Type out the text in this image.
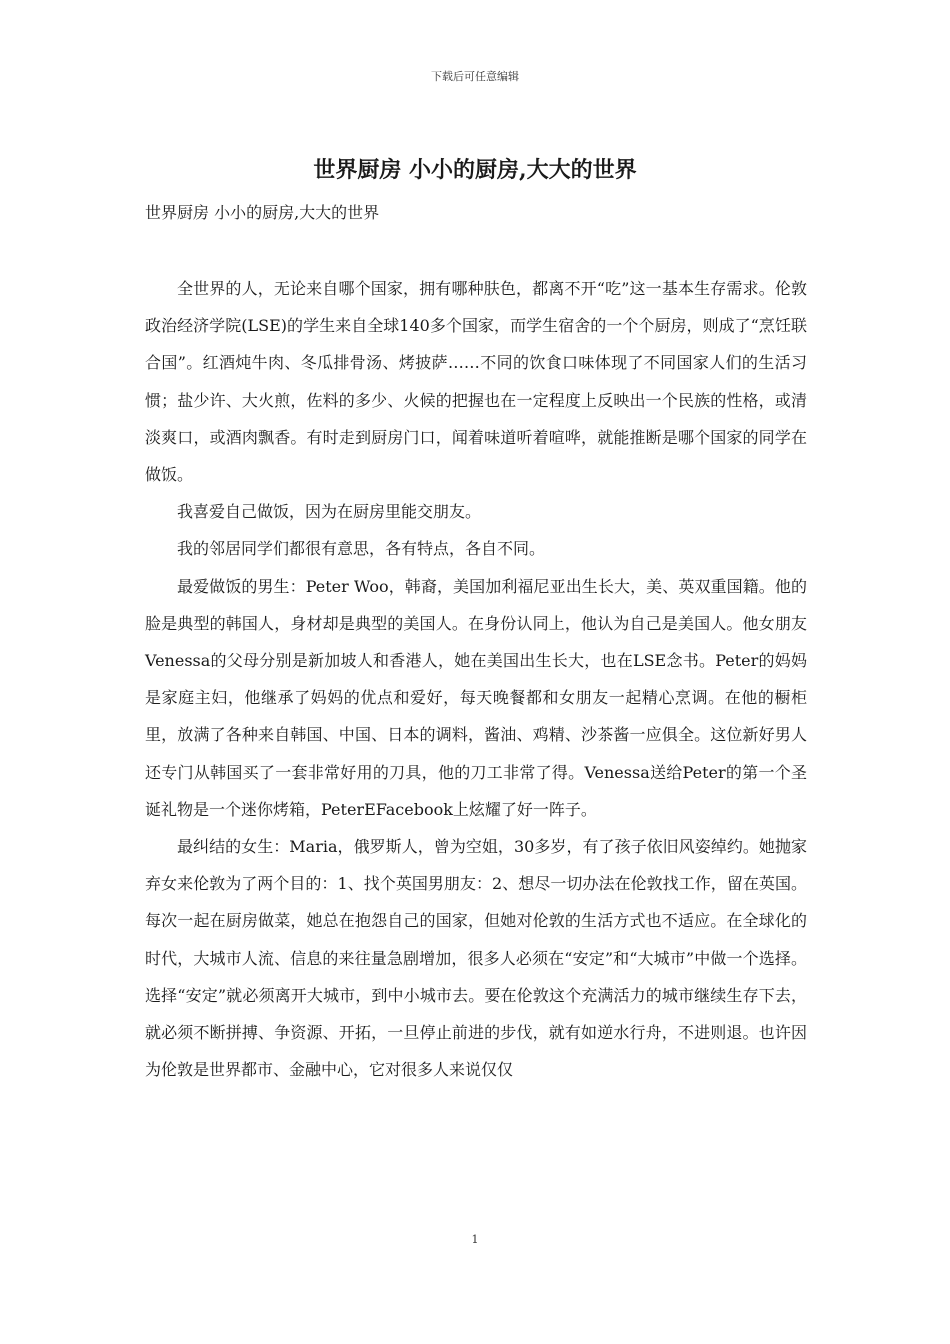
下载后可任意编辑
世界厨房 小小的厨房,大大的世界

世界厨房 小小的厨房,大大的世界

全世界的人，无论来自哪个国家，拥有哪种肤色，都离不开“吃”这一基本生存需求。伦敦政治经济学院(LSE)的学生来自全球140多个国家，而学生宿舍的一个个厨房，则成了“烹饪联合国”。红酒炖牛肉、冬瓜排骨汤、烤披萨……不同的饮食口味体现了不同国家人们的生活习惯；盐少许、大火煎，佐料的多少、火候的把握也在一定程度上反映出一个民族的性格，或清淡爽口，或酒肉飘香。有时走到厨房门口，闻着味道听着喧哗，就能推断是哪个国家的同学在做饭。

我喜爱自己做饭，因为在厨房里能交朋友。

我的邻居同学们都很有意思，各有特点，各自不同。

最爱做饭的男生：Peter Woo，韩裔，美国加利福尼亚出生长大，美、英双重国籍。他的脸是典型的韩国人，身材却是典型的美国人。在身份认同上，他认为自己是美国人。他女朋友Venessa的父母分别是新加坡人和香港人，她在美国出生长大，也在LSE念书。Peter的妈妈是家庭主妇，他继承了妈妈的优点和爱好，每天晚餐都和女朋友一起精心烹调。在他的橱柜里，放满了各种来自韩国、中国、日本的调料，酱油、鸡精、沙茶酱一应俱全。这位新好男人还专门从韩国买了一套非常好用的刀具，他的刀工非常了得。Venessa送给Peter的第一个圣诞礼物是一个迷你烤箱，PeterEFacebook上炫耀了好一阵子。

最纠结的女生：Maria，俄罗斯人，曾为空姐，30多岁，有了孩子依旧风姿绰约。她抛家弃女来伦敦为了两个目的：1、找个英国男朋友：2、想尽一切办法在伦敦找工作，留在英国。每次一起在厨房做菜，她总在抱怨自己的国家，但她对伦敦的生活方式也不适应。在全球化的时代，大城市人流、信息的来往量急剧增加，很多人必须在“安定”和“大城市”中做一个选择。选择“安定”就必须离开大城市，到中小城市去。要在伦敦这个充满活力的城市继续生存下去，就必须不断拼搏、争资源、开拓，一旦停止前进的步伐，就有如逆水行舟，不进则退。也许因为伦敦是世界都市、金融中心，它对很多人来说仅仅

1
